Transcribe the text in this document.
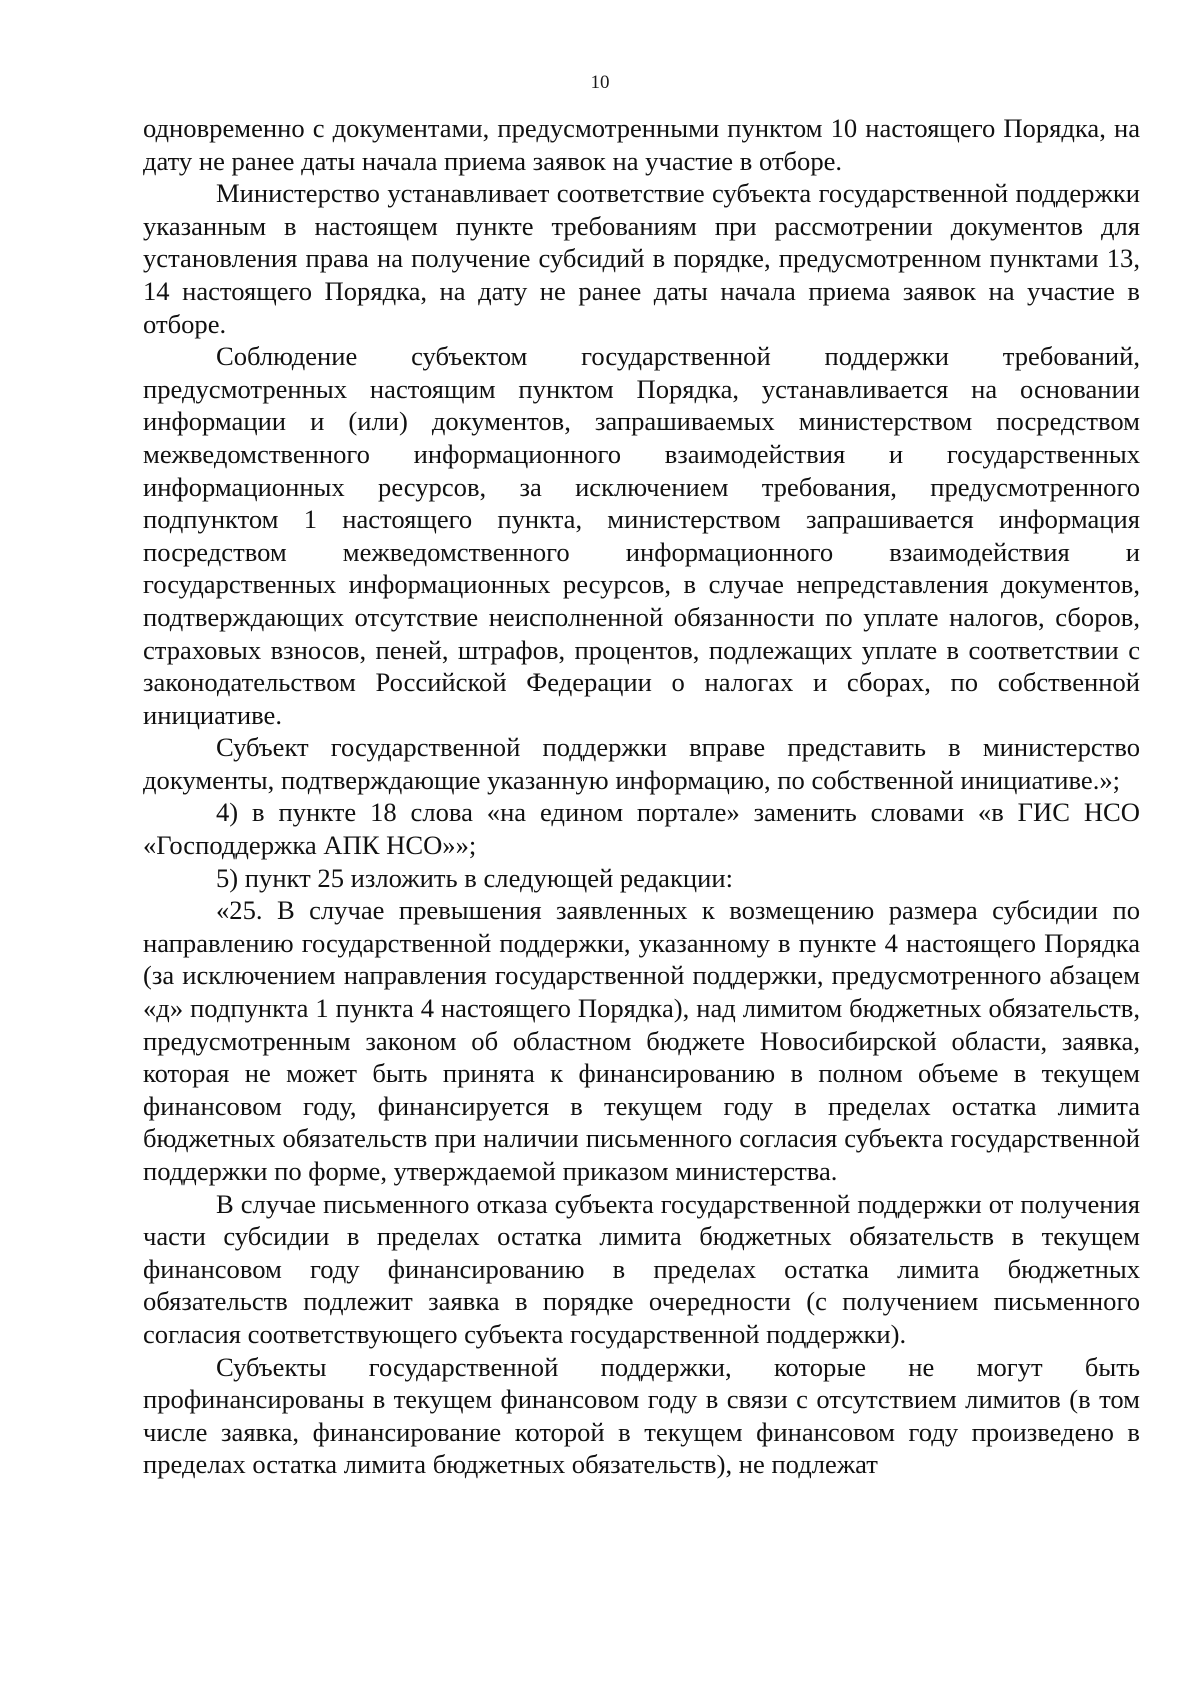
10

одновременно с документами, предусмотренными пунктом 10 настоящего Порядка, на дату не ранее даты начала приема заявок на участие в отборе.

Министерство устанавливает соответствие субъекта государственной поддержки указанным в настоящем пункте требованиям при рассмотрении документов для установления права на получение субсидий в порядке, предусмотренном пунктами 13, 14 настоящего Порядка, на дату не ранее даты начала приема заявок на участие в отборе.

Соблюдение субъектом государственной поддержки требований, предусмотренных настоящим пунктом Порядка, устанавливается на основании информации и (или) документов, запрашиваемых министерством посредством межведомственного информационного взаимодействия и государственных информационных ресурсов, за исключением требования, предусмотренного подпунктом 1 настоящего пункта, министерством запрашивается информация посредством межведомственного информационного взаимодействия и государственных информационных ресурсов, в случае непредставления документов, подтверждающих отсутствие неисполненной обязанности по уплате налогов, сборов, страховых взносов, пеней, штрафов, процентов, подлежащих уплате в соответствии с законодательством Российской Федерации о налогах и сборах, по собственной инициативе.

Субъект государственной поддержки вправе представить в министерство документы, подтверждающие указанную информацию, по собственной инициативе.»;

4) в пункте 18 слова «на едином портале» заменить словами «в ГИС НСО «Господдержка АПК НСО»»;

5) пункт 25 изложить в следующей редакции:

«25. В случае превышения заявленных к возмещению размера субсидии по направлению государственной поддержки, указанному в пункте 4 настоящего Порядка (за исключением направления государственной поддержки, предусмотренного абзацем «д» подпункта 1 пункта 4 настоящего Порядка), над лимитом бюджетных обязательств, предусмотренным законом об областном бюджете Новосибирской области, заявка, которая не может быть принята к финансированию в полном объеме в текущем финансовом году, финансируется в текущем году в пределах остатка лимита бюджетных обязательств при наличии письменного согласия субъекта государственной поддержки по форме, утверждаемой приказом министерства.

В случае письменного отказа субъекта государственной поддержки от получения части субсидии в пределах остатка лимита бюджетных обязательств в текущем финансовом году финансированию в пределах остатка лимита бюджетных обязательств подлежит заявка в порядке очередности (с получением письменного согласия соответствующего субъекта государственной поддержки).

Субъекты государственной поддержки, которые не могут быть профинансированы в текущем финансовом году в связи с отсутствием лимитов (в том числе заявка, финансирование которой в текущем финансовом году произведено в пределах остатка лимита бюджетных обязательств), не подлежат
